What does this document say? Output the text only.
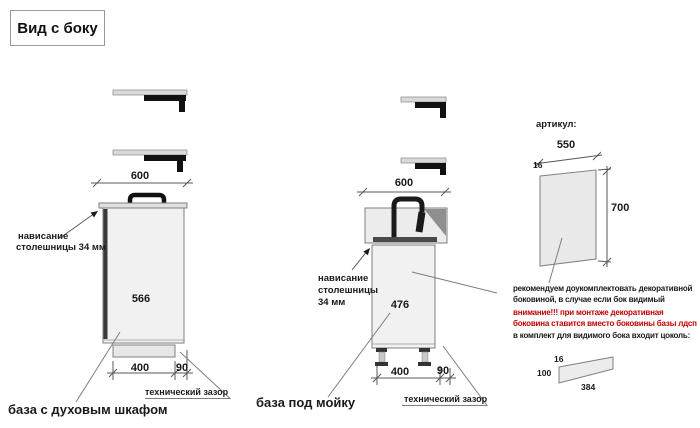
Вид с боку
600
566
400	90
технический зазор
база с духовым шкафом
нависание
столешницы 34 мм
600
476
400	90
технический зазор
база под мойку
нависание
столешницы
34 мм
артикул:
550
16
700
рекомендуем доукомплектовать декоративной
боковиной, в случае если бок видимый
внимание!!! при монтаже декоративная
боковина ставится вместо боковины базы лдсп
в комплект для видимого бока входит цоколь:
16
100
384
